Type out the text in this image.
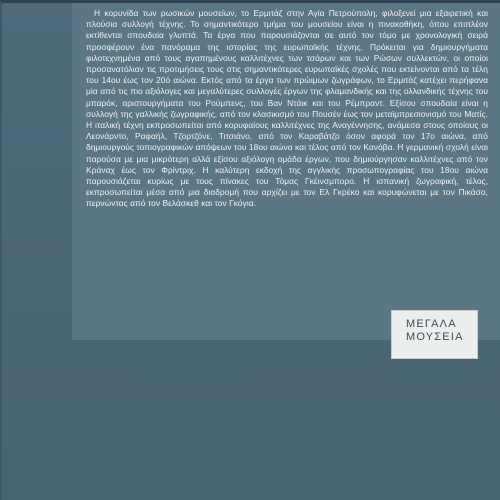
Η κορυνίδα των ρωσικών μουσείων, το Ερμιτάζ στην Αγία Πετρούπολη, φιλοξενεί μια εξαιρετική και πλούσια συλλογή τέχνης. Το σημαντικότερο τμήμα του μουσείου είναι η πινακοθήκη, όπου επιπλέον εκτίθενται σπουδαία γλυπτά. Τα έργα που παρουσιάζονται σε αυτό τον τόμο με χρονολογική σειρά προσφέρουν ένα πανόραμα της ιστορίας της ευρωπαϊκής τέχνης. Πρόκειται για δημιουργήματα φιλοτεχνημένα από τους αγαπημένους καλλιτέχνες των τσάρων και των Ρώσων συλλεκτών, οι οποίοι προσανατόλιαν τις προτιμήσεις τους στις σημαντικότερες ευρωπαϊκές σχολές που εκτείνονται από τα τέλη του 14ου έως τον 20ό αιώνα. Εκτός από τα έργα των πρώιμων ζωγράφων, το Ερμιτάζ κατέχει περήφανα μία από τις πιο αξιόλογες και μεγαλύτερες συλλογές έργων της φλαμανδικής και της ολλανδικής τέχνης του μπαρόκ, αριστουργήματα του Ρούμπενς, του Βαν Ντάικ και του Ρέμπραντ. Εξίσου σπουδαία είναι η συλλογή της γαλλικής ζωγραφικής, από τον κλασικισμό του Πουσέν έως τον μεταϊμπρεσιονισμό του Ματίς. Η ιταλική τέχνη εκπροσωπείται από κορυφαίους καλλιτέχνες της Αναγέννησης, ανάμεσα στους οποίους οι Λεονάρντο, Ραφαήλ, Τζορτζόνε, Τιτσιάνο, από τον Καραβάτζο όσον αφορά τον 17ο αιώνα, από δημιουργούς τοπιογραφικών απόψεων του 18ου αιώνα και τέλος από τον Κανόβα. Η γερμανική σχολή είναι παρούσα με μια μικρότερη αλλά εξίσου αξιόλογη ομάδα έργων, που δημιούργησαν καλλιτέχνες από τον Κράναχ έως τον Φρίντριχ. Η καλύτερη εκδοχή της αγγλικής προσωπογραφίας του 18ου αιώνα παρουσιάζεται κυρίως με τους πίνακες του Τόμας Γκέινσμπορο. Η ισπανική ζωγραφική, τέλος, εκπροσωπείται μέσα από μια διαδρομή που αρχίζει με τον Ελ Γκρέκο και κορυφώνεται με τον Πικάσο, περνώντας από τον Βελάσκεθ και τον Γκόγια.

ΜΕΓΑΛΑ
ΜΟΥΣΕΙΑ
